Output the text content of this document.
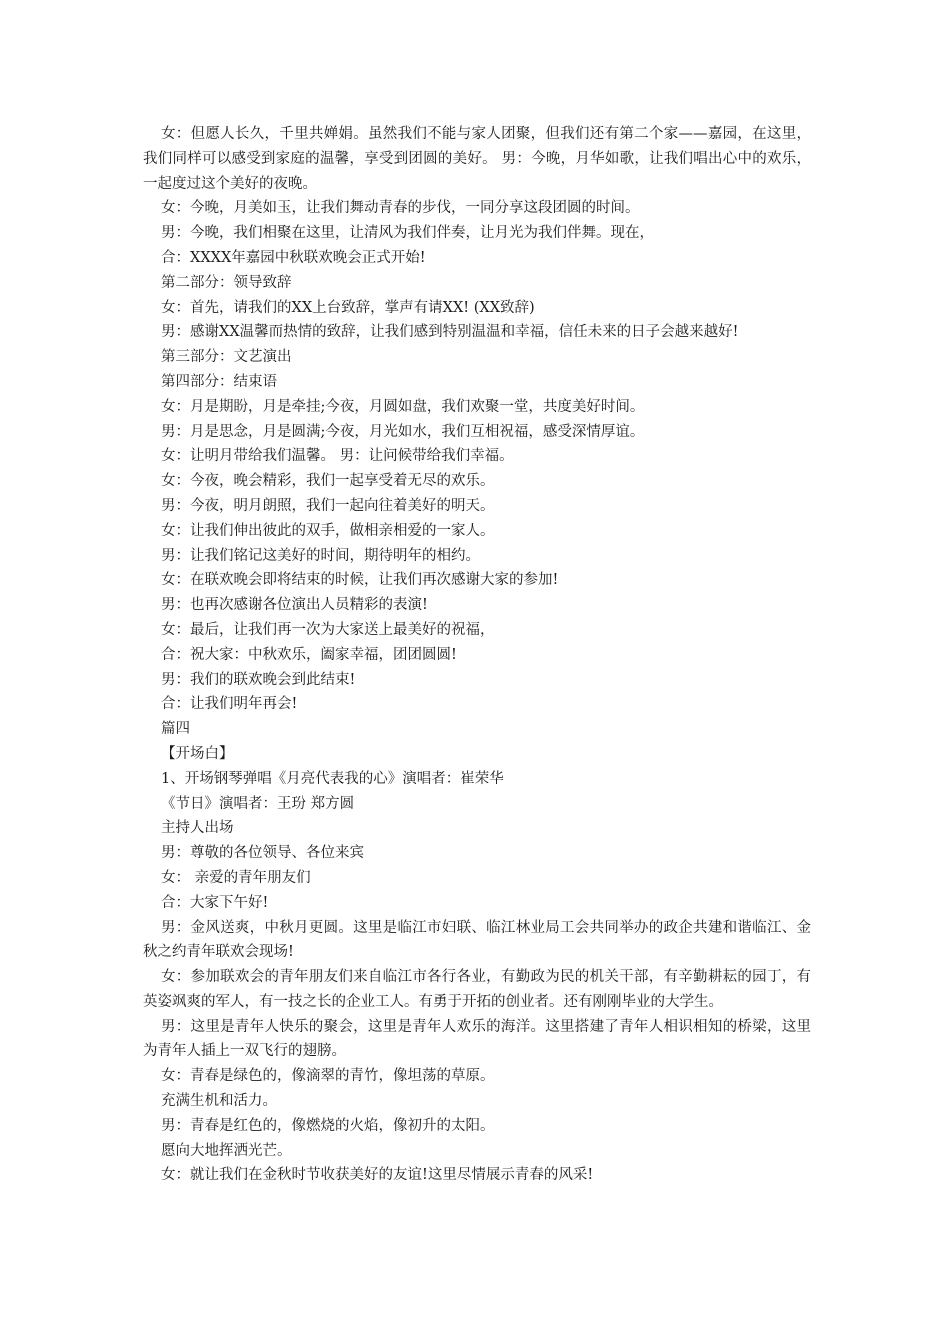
女：但愿人长久，千里共婵娟。虽然我们不能与家人团聚，但我们还有第二个家——嘉园，在这里，我们同样可以感受到家庭的温馨，享受到团圆的美好。 男：今晚，月华如歌，让我们唱出心中的欢乐，一起度过这个美好的夜晚。

女：今晚，月美如玉，让我们舞动青春的步伐，一同分享这段团圆的时间。

男：今晚，我们相聚在这里，让清风为我们伴奏，让月光为我们伴舞。现在，

合：XXXX年嘉园中秋联欢晚会正式开始!

第二部分：领导致辞

女：首先，请我们的XX上台致辞，掌声有请XX! (XX致辞)

男：感谢XX温馨而热情的致辞，让我们感到特别温温和幸福，信任未来的日子会越来越好!

第三部分：文艺演出

第四部分：结束语

女：月是期盼，月是牵挂;今夜，月圆如盘，我们欢聚一堂，共度美好时间。

男：月是思念，月是圆满;今夜，月光如水，我们互相祝福，感受深情厚谊。

女：让明月带给我们温馨。 男：让问候带给我们幸福。

女：今夜，晚会精彩，我们一起享受着无尽的欢乐。

男：今夜，明月朗照，我们一起向往着美好的明天。

女：让我们伸出彼此的双手，做相亲相爱的一家人。

男：让我们铭记这美好的时间，期待明年的相约。

女：在联欢晚会即将结束的时候，让我们再次感谢大家的参加!

男：也再次感谢各位演出人员精彩的表演!

女：最后，让我们再一次为大家送上最美好的祝福，

合：祝大家：中秋欢乐，阖家幸福，团团圆圆!

男：我们的联欢晚会到此结束!

合：让我们明年再会!

篇四

【开场白】

1、开场钢琴弹唱《月亮代表我的心》演唱者：崔荣华

《节日》演唱者：王玢 郑方圆

主持人出场

男：尊敬的各位领导、各位来宾

女： 亲爱的青年朋友们

合：大家下午好!

男：金风送爽，中秋月更圆。这里是临江市妇联、临江林业局工会共同举办的政企共建和谐临江、金秋之约青年联欢会现场!

女：参加联欢会的青年朋友们来自临江市各行各业，有勤政为民的机关干部，有辛勤耕耘的园丁，有英姿飒爽的军人，有一技之长的企业工人。有勇于开拓的创业者。还有刚刚毕业的大学生。

男：这里是青年人快乐的聚会，这里是青年人欢乐的海洋。这里搭建了青年人相识相知的桥梁，这里为青年人插上一双飞行的翅膀。

女：青春是绿色的，像滴翠的青竹，像坦荡的草原。

充满生机和活力。

男：青春是红色的，像燃烧的火焰，像初升的太阳。

愿向大地挥洒光芒。

女：就让我们在金秋时节收获美好的友谊!这里尽情展示青春的风采!
